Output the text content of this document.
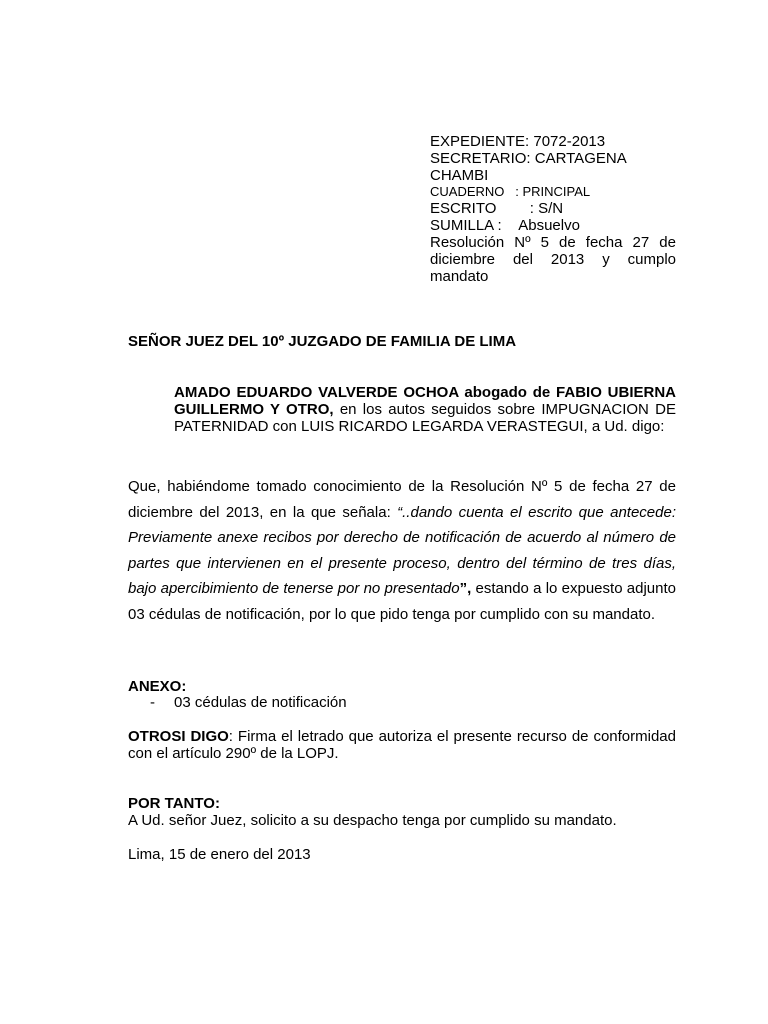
EXPEDIENTE: 7072-2013
SECRETARIO: CARTAGENA
CHAMBI
CUADERNO : PRINCIPAL
ESCRITO : S/N
SUMILLA : Absuelvo
Resolución Nº 5 de fecha 27 de
diciembre del 2013 y cumplo
mandato
SEÑOR JUEZ DEL 10º JUZGADO DE FAMILIA DE LIMA
AMADO EDUARDO VALVERDE OCHOA abogado de FABIO UBIERNA GUILLERMO Y OTRO, en los autos seguidos sobre IMPUGNACION DE PATERNIDAD con LUIS RICARDO LEGARDA VERASTEGUI, a Ud. digo:
Que, habiéndome tomado conocimiento de la Resolución Nº 5 de fecha 27 de diciembre del 2013, en la que señala: “..dando cuenta el escrito que antecede: Previamente anexe recibos por derecho de notificación de acuerdo al número de partes que intervienen en el presente proceso, dentro del término de tres días, bajo apercibimiento de tenerse por no presentado”, estando a lo expuesto adjunto 03 cédulas de notificación, por lo que pido tenga por cumplido con su mandato.
ANEXO:
- 03 cédulas de notificación
OTROSI DIGO: Firma el letrado que autoriza el presente recurso de conformidad con el artículo 290º de la LOPJ.
POR TANTO:
A Ud. señor Juez, solicito a su despacho tenga por cumplido su mandato.
Lima, 15 de enero del 2013
